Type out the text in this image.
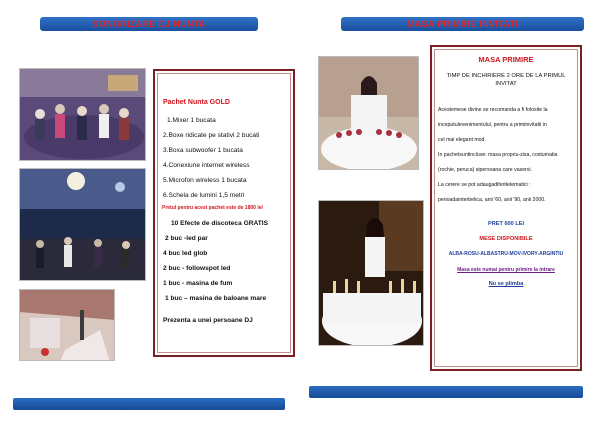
SONORIZARE DJ NUNTA
Pachet Nunta GOLD
1.Mixer 1 bucata
2.Boxe ridicate pe stativi 2 bucati
3.Boxa subwoofer 1 bucata
4.Conexiune internet wireless
5.Microfon wireless 1 bucata
6.Schela de lumini 1,5 metri
Pretul pentru acest pachet este de 1800 lei
10 Efecte de discoteca GRATIS
2 buc -led par
4 buc led glob
2 buc - followspot led
1 buc - masina de fum
1 buc – masina de baloane mare
Prezenta a unei persoane DJ
MASA PRIMIRE INVITATI
MASA PRIMIRE
TIMP DE INCHIRIERE 2 ORE DE LA PRIMUL INVITAT
Acestemese divine se recomanda a fi folosite la
inceputulevenimentului, pentru a primiinvitatii in
cel mai elegant mod.
In pachetsuntincluse: masa propriu-zisa, costumatia
(rochie, peruca) sipersoana care vaservi.
La cerere se pot adaugadiferitetematici :
perioadainterbelica, anii '60, anii '90, anii 2000.
PRET 600 LEI
MESE DISPONIBILE
ALBA-ROSU-ALBASTRU-MOV-IVORY-ARGINTIU
Masa este numai pentru primire la intrare
Nu se plimba
